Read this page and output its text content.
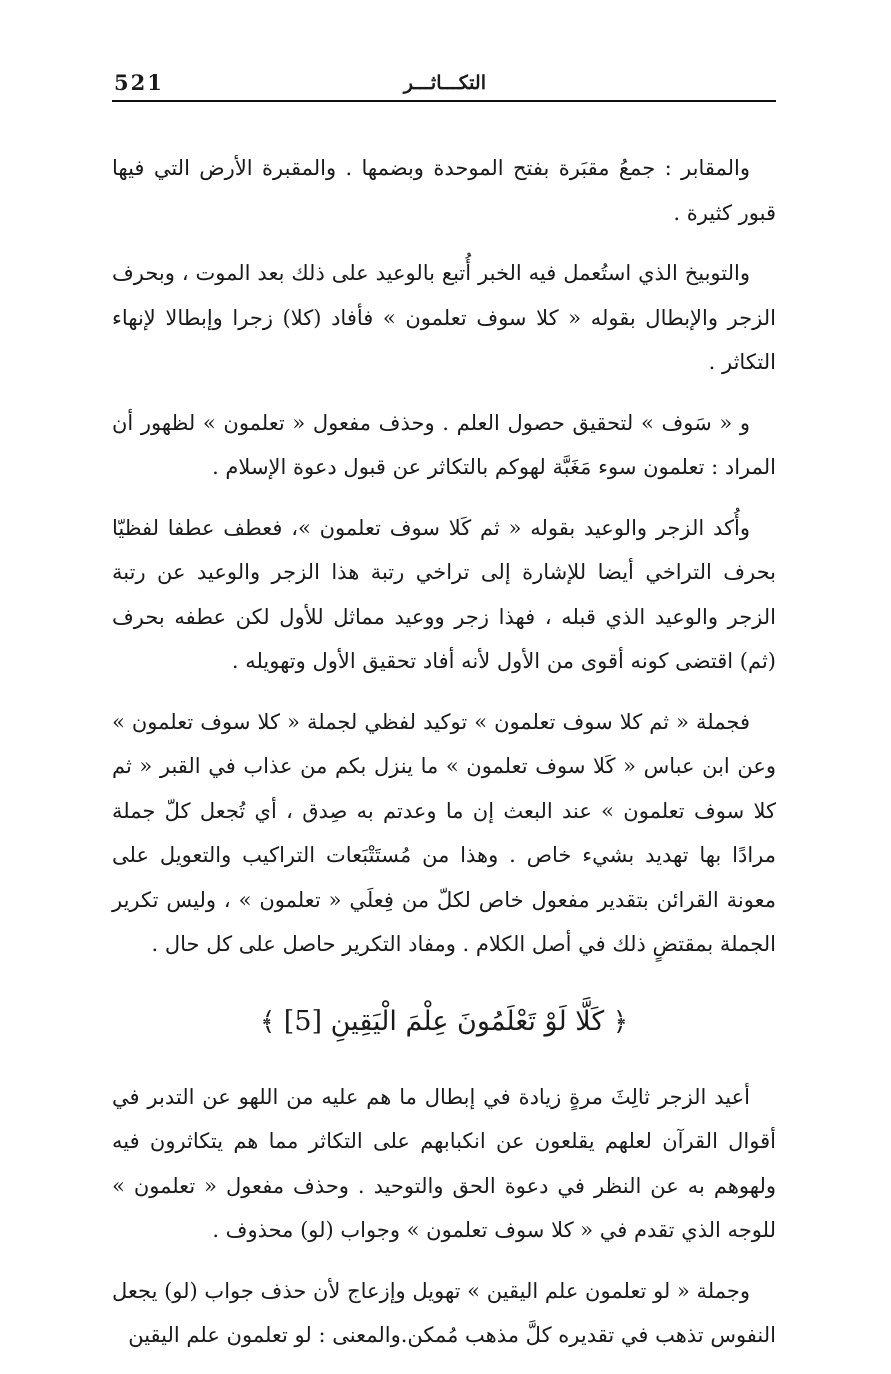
521	التكـــاثـــر

والمقابر : جمعُ مقبَرة بفتح الموحدة وبضمها . والمقبرة الأرض التي فيها قبور كثيرة .

والتوبيخ الذي استُعمل فيه الخبر أُتبع بالوعيد على ذلك بعد الموت ، وبحرف الزجر والإبطال بقوله « كلا سوف تعلمون » فأفاد (كلا) زجرا وإبطالا لإنهاء التكاثر .

و « سَوف » لتحقيق حصول العلم . وحذف مفعول « تعلمون » لظهور أن المراد : تعلمون سوء مَغَبَّة لهوكم بالتكاثر عن قبول دعوة الإسلام .

وأُكد الزجر والوعيد بقوله « ثم كَلا سوف تعلمون »، فعطف عطفا لفظيّا بحرف التراخي أيضا للإشارة إلى تراخي رتبة هذا الزجر والوعيد عن رتبة الزجر والوعيد الذي قبله ، فهذا زجر ووعيد مماثل للأول لكن عطفه بحرف (ثم) اقتضى كونه أقوى من الأول لأنه أفاد تحقيق الأول وتهويله .

فجملة « ثم كلا سوف تعلمون » توكيد لفظي لجملة « كلا سوف تعلمون » وعن ابن عباس « كَلا سوف تعلمون » ما ينزل بكم من عذاب في القبر « ثم كلا سوف تعلمون » عند البعث إن ما وعدتم به صِدق ، أي تُجعل كلّ جملة مرادًا بها تهديد بشيء خاص . وهذا من مُستَتْبَعات التراكيب والتعويل على معونة القرائن بتقدير مفعول خاص لكلّ من فِعلَي « تعلمون » ، وليس تكرير الجملة بمقتضٍ ذلك في أصل الكلام . ومفاد التكرير حاصل على كل حال .

﴿ كَلَّا لَوْ تَعْلَمُونَ عِلْمَ الْيَقِينِ [5] ﴾

أعيد الزجر ثالِثَ مرةٍ زيادة في إبطال ما هم عليه من اللهو عن التدبر في أقوال القرآن لعلهم يقلعون عن انكبابهم على التكاثر مما هم يتكاثرون فيه ولهوهم به عن النظر في دعوة الحق والتوحيد . وحذف مفعول « تعلمون » للوجه الذي تقدم في « كلا سوف تعلمون » وجواب (لو) محذوف .

وجملة « لو تعلمون علم اليقين » تهويل وإزعاج لأن حذف جواب (لو) يجعل النفوس تذهب في تقديره كلَّ مذهب مُمكن.والمعنى : لو تعلمون علم اليقين
